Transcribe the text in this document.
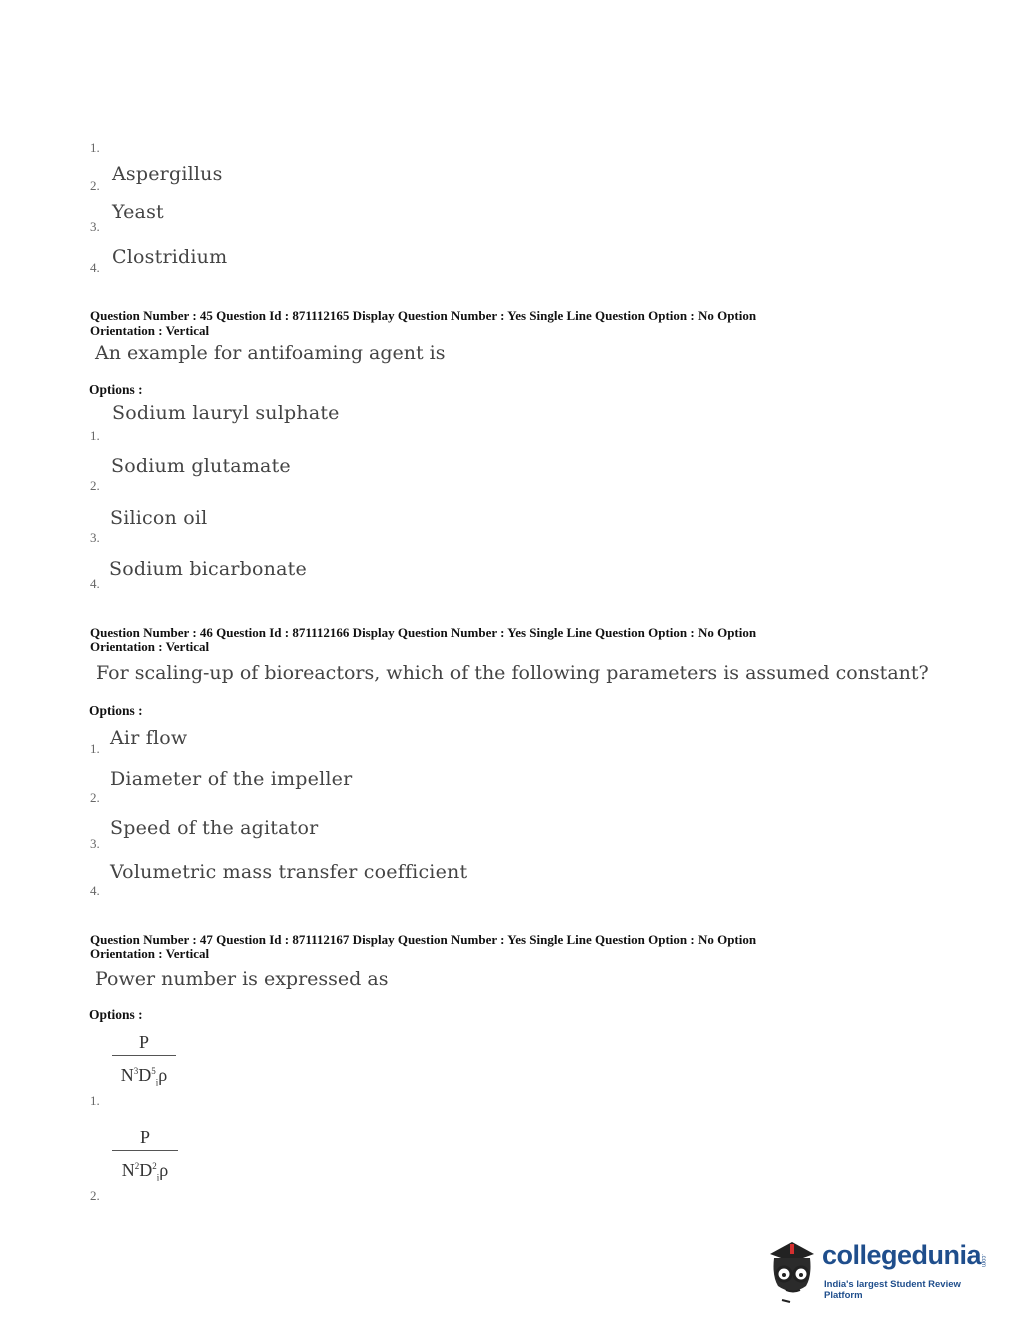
1.
2.
Aspergillus
3.
Yeast
4. Clostridium
Question Number : 45 Question Id : 871112165 Display Question Number : Yes Single Line Question Option : No Option
Orientation : Vertical
An example for antifoaming agent is
Options :
Sodium lauryl sulphate
1.
Sodium glutamate
2.
Silicon oil
3.
Sodium bicarbonate
4.
Question Number : 46 Question Id : 871112166 Display Question Number : Yes Single Line Question Option : No Option
Orientation : Vertical
For scaling-up of bioreactors, which of the following parameters is assumed constant?
Options :
1. Air flow
Diameter of the impeller
2.
Speed of the agitator
3.
Volumetric mass transfer coefficient
4.
Question Number : 47 Question Id : 871112167 Display Question Number : Yes Single Line Question Option : No Option
Orientation : Vertical
Power number is expressed as
Options :
P
$N^3D^5_i\rho$
1.
P
$N^2D^2_i\rho$
2.
collegedunia
.com
India's largest Student Review Platform
